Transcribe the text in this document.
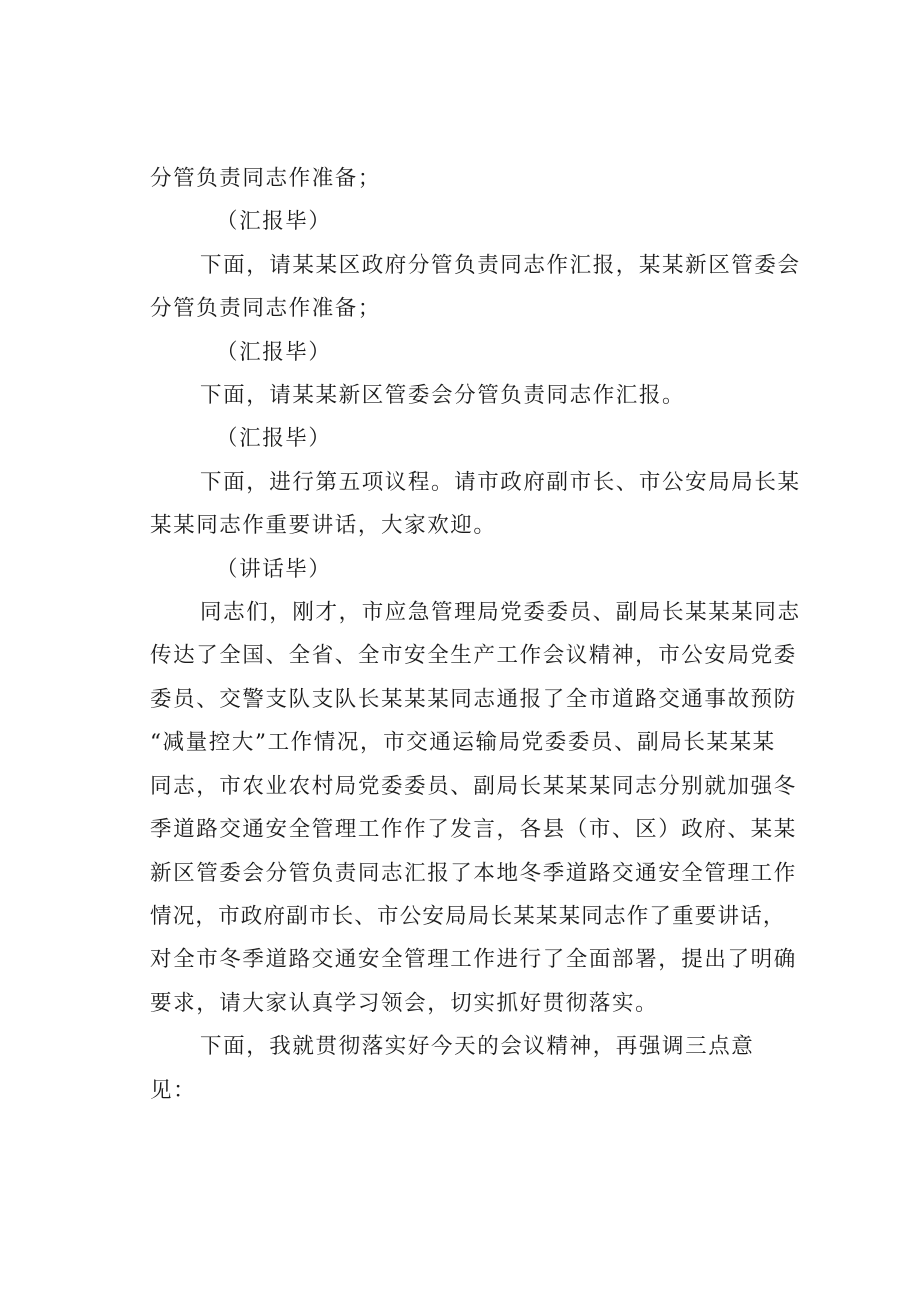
分管负责同志作准备；

（汇报毕）

下面，请某某区政府分管负责同志作汇报，某某新区管委会
分管负责同志作准备；

（汇报毕）

下面，请某某新区管委会分管负责同志作汇报。

（汇报毕）

下面，进行第五项议程。请市政府副市长、市公安局局长某
某某同志作重要讲话，大家欢迎。

（讲话毕）

同志们，刚才，市应急管理局党委委员、副局长某某某同志
传达了全国、全省、全市安全生产工作会议精神，市公安局党委
委员、交警支队支队长某某某同志通报了全市道路交通事故预防
“减量控大”工作情况，市交通运输局党委委员、副局长某某某
同志，市农业农村局党委委员、副局长某某某同志分别就加强冬
季道路交通安全管理工作作了发言，各县（市、区）政府、某某
新区管委会分管负责同志汇报了本地冬季道路交通安全管理工作
情况，市政府副市长、市公安局局长某某某同志作了重要讲话，
对全市冬季道路交通安全管理工作进行了全面部署，提出了明确
要求，请大家认真学习领会，切实抓好贯彻落实。

下面，我就贯彻落实好今天的会议精神，再强调三点意
见：
